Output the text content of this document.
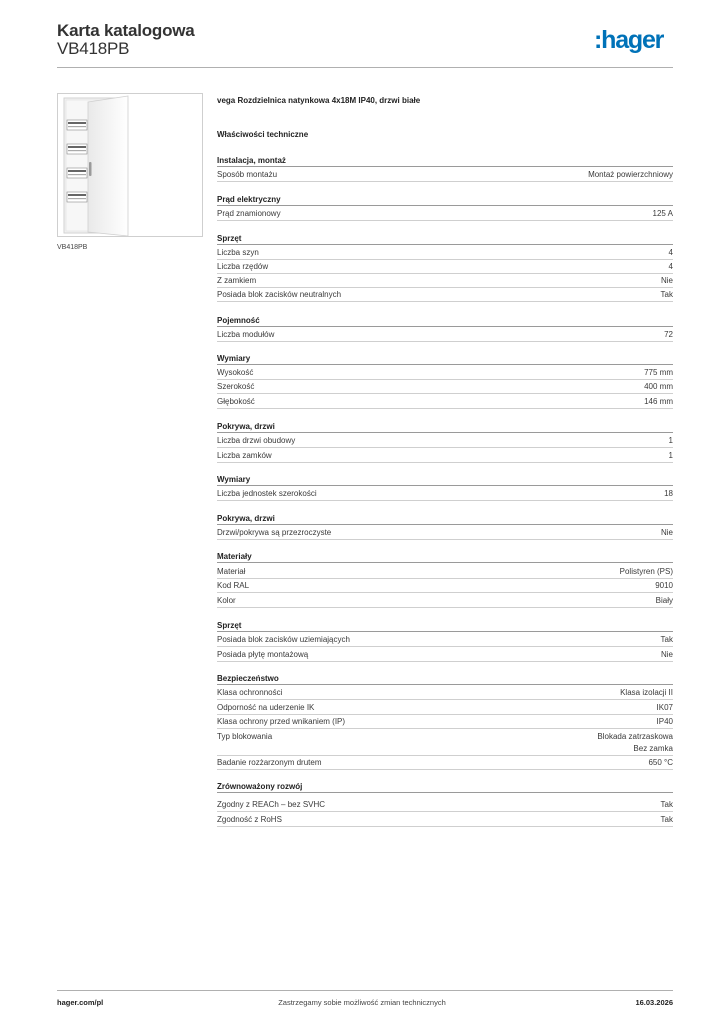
Karta katalogowa
VB418PB	:hager
VB418PB
vega Rozdzielnica natynkowa 4x18M IP40, drzwi białe
Właściwości techniczne
Instalacja, montaż
Sposób montażu	Montaż powierzchniowy
Prąd elektryczny
Prąd znamionowy	125 A
Sprzęt
Liczba szyn	4
Liczba rzędów	4
Z zamkiem	Nie
Posiada blok zacisków neutralnych	Tak
Pojemność
Liczba modułów	72
Wymiary
Wysokość	775 mm
Szerokość	400 mm
Głębokość	146 mm
Pokrywa, drzwi
Liczba drzwi obudowy	1
Liczba zamków	1
Wymiary
Liczba jednostek szerokości	18
Pokrywa, drzwi
Drzwi/pokrywa są przezroczyste	Nie
Materiały
Materiał	Polistyren (PS)
Kod RAL	9010
Kolor	Biały
Sprzęt
Posiada blok zacisków uziemiających	Tak
Posiada płytę montażową	Nie
Bezpieczeństwo
Klasa ochronności	Klasa izolacji II
Odporność na uderzenie IK	IK07
Klasa ochrony przed wnikaniem (IP)	IP40
Typ blokowania	Blokada zatrzaskowa
Bez zamka
Badanie rozżarzonym drutem	650 °C
Zrównoważony rozwój
Zgodny z REACh – bez SVHC	Tak
Zgodność z RoHS	Tak
hager.com/pl	Zastrzegamy sobie możliwość zmian technicznych	16.03.2026
